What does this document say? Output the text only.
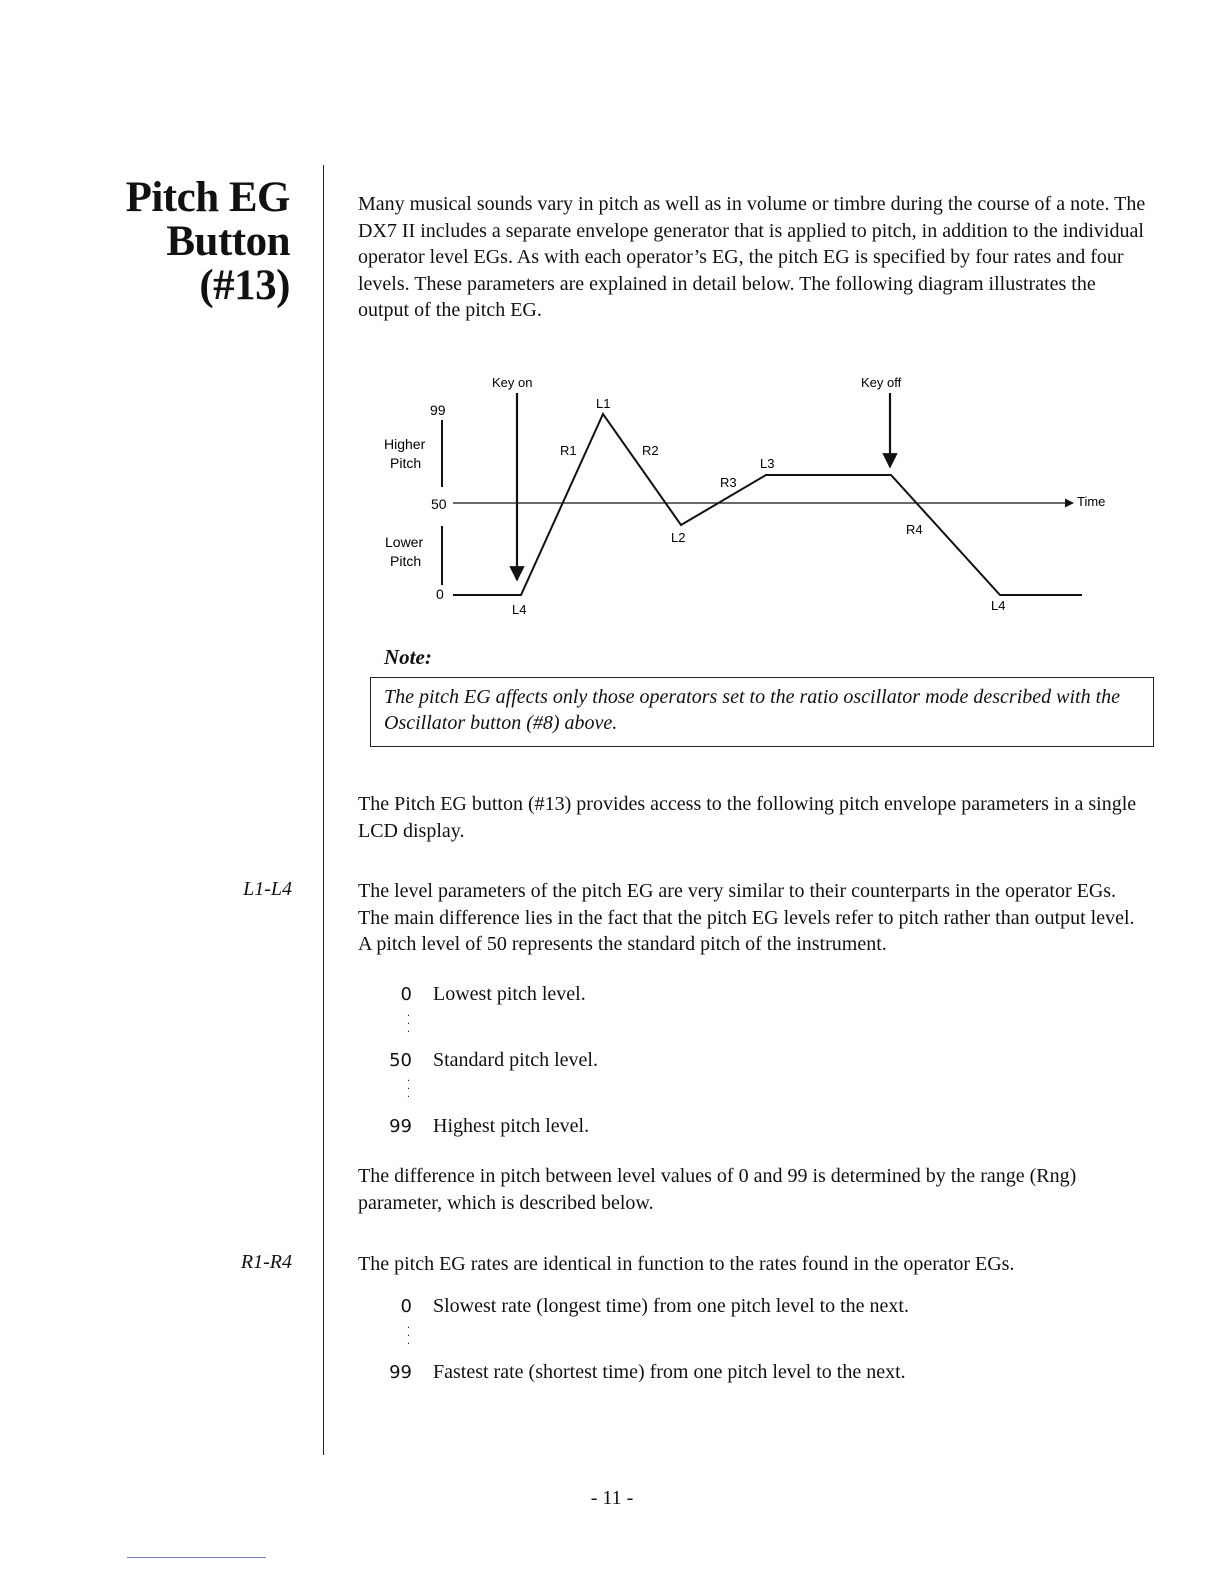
Pitch EG Button
(#13)

Many musical sounds vary in pitch as well as in volume or timbre during the course of a note. The DX7 II includes a separate envelope generator that is applied to pitch, in addition to the individual operator level EGs. As with each operator’s EG, the pitch EG is specified by four rates and four levels. These parameters are explained in detail below. The following diagram illustrates the output of the pitch EG.

Key on	Key off
99
Higher
Pitch
50
Lower
Pitch
0
Time
L1
R1	R2
L2
R3
L3
R4
L4	L4

Note:

The pitch EG affects only those operators set to the ratio oscillator mode described with the Oscillator button (#8) above.

The Pitch EG button (#13) provides access to the following pitch envelope parameters in a single LCD display.

L1-L4	The level parameters of the pitch EG are very similar to their counterparts in the operator EGs. The main difference lies in the fact that the pitch EG levels refer to pitch rather than output level. A pitch level of 50 represents the standard pitch of the instrument.

0 Lowest pitch level.
·
·
·
50 Standard pitch level.
·
·
·
99 Highest pitch level.

The difference in pitch between level values of 0 and 99 is determined by the range (Rng) parameter, which is described below.

R1-R4	The pitch EG rates are identical in function to the rates found in the operator EGs.

0 Slowest rate (longest time) from one pitch level to the next.
·
·
·
99 Fastest rate (shortest time) from one pitch level to the next.

- 11 -
